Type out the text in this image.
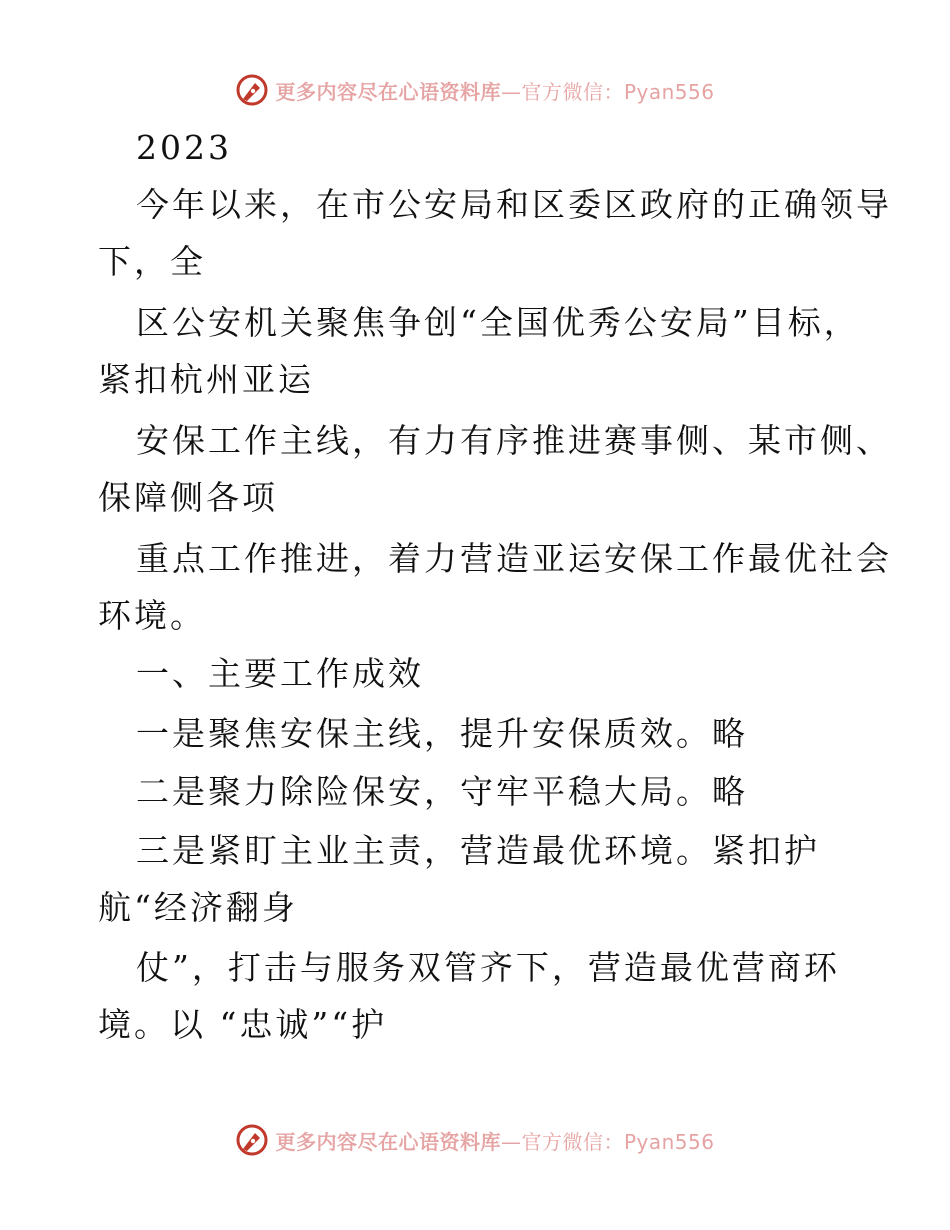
更多内容尽在心语资料库—官方微信：Pyan556
2023
今年以来，在市公安局和区委区政府的正确领导
下，全
区公安机关聚焦争创“全国优秀公安局”目标，
紧扣杭州亚运
安保工作主线，有力有序推进赛事侧、某市侧、
保障侧各项
重点工作推进，着力营造亚运安保工作最优社会
环境。
一、主要工作成效
一是聚焦安保主线，提升安保质效。略
二是聚力除险保安，守牢平稳大局。略
三是紧盯主业主责，营造最优环境。紧扣护
航“经济翻身
仗”，打击与服务双管齐下，营造最优营商环
境。以 “忠诚”“护
更多内容尽在心语资料库—官方微信：Pyan556
